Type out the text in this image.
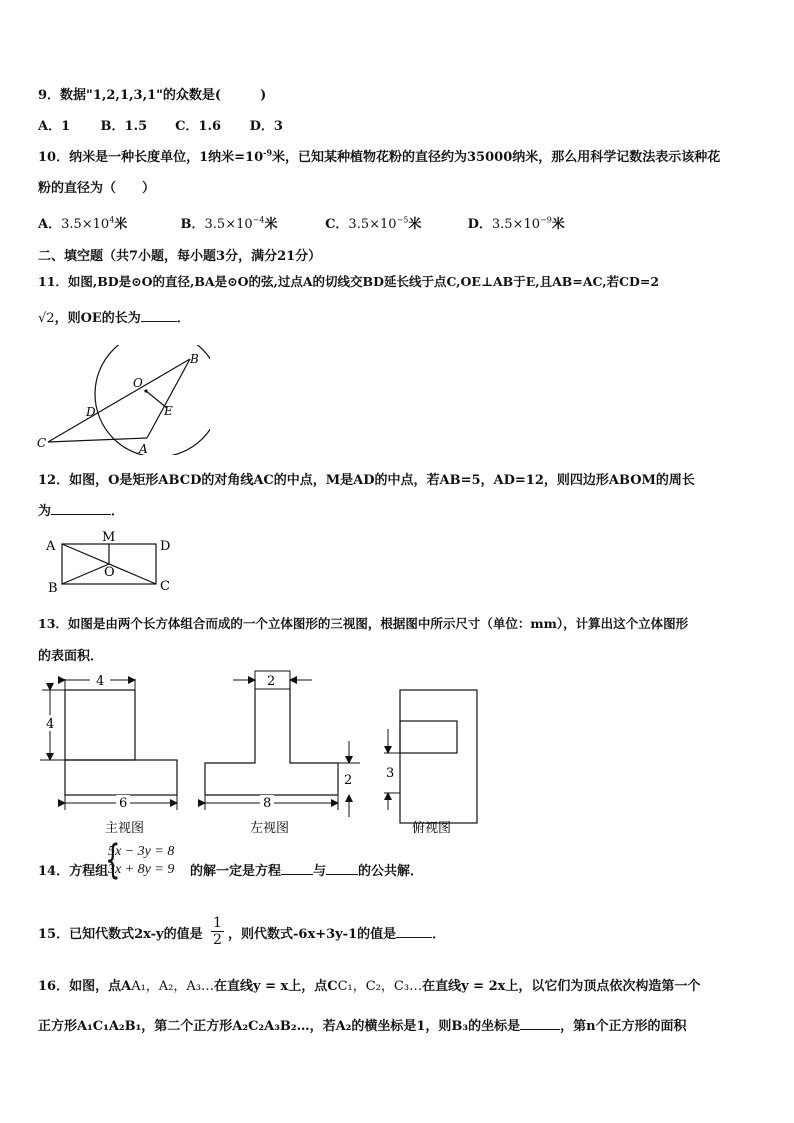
9．数据"1,2,1,3,1"的众数是(　　　)
A．1 B．1.5 C．1.6 D．3
10．纳米是一种长度单位，1纳米$=10^{-9}$米，已知某种植物花粉的直径约为35000纳米，那么用科学记数法表示该种花
粉的直径为（　　）
A．$3.5\times 10^4$米	B．$3.5\times 10^{-4}$米	C．$3.5\times 10^{-5}$米	D．$3.5\times 10^{-9}$米
二、填空题（共7小题，每小题3分，满分21分）
11．如图,BD是⊙O的直径,BA是⊙O的弦,过点A的切线交BD延长线于点C,OE⊥AB于E,且AB=AC,若CD=2
√2，则OE的长为	．
B
O
D	E
C	A
12．如图，O是矩形ABCD的对角线AC的中点，M是AD的中点，若AB=5，AD=12，则四边形ABOM的周长
为	．
A
M
D
B
O
C
13．如图是由两个长方体组合而成的一个立体图形的三视图，根据图中所示尺寸（单位：mm），计算出这个立体图形
的表面积．
4
4
6
主视图
2
2
8
左视图
3
俯视图
14．方程组
{
5x − 3y = 8
3x + 8y = 9 的解一定是方程 与 的公共解．
15．已知代数式2x-y的值是 $\frac{1}{2}$ ，则代数式-6x+3y-1的值是	．
16．如图，点AA₁，A₂，A₃…在直线y = x上，点CC₁，C₂，C₃…在直线y = 2x上，以它们为顶点依次构造第一个
正方形A₁C₁A₂B₁，第二个正方形A₂C₂A₃B₂…，若A₂的横坐标是1，则B₃的坐标是	，第n个正方形的面积
